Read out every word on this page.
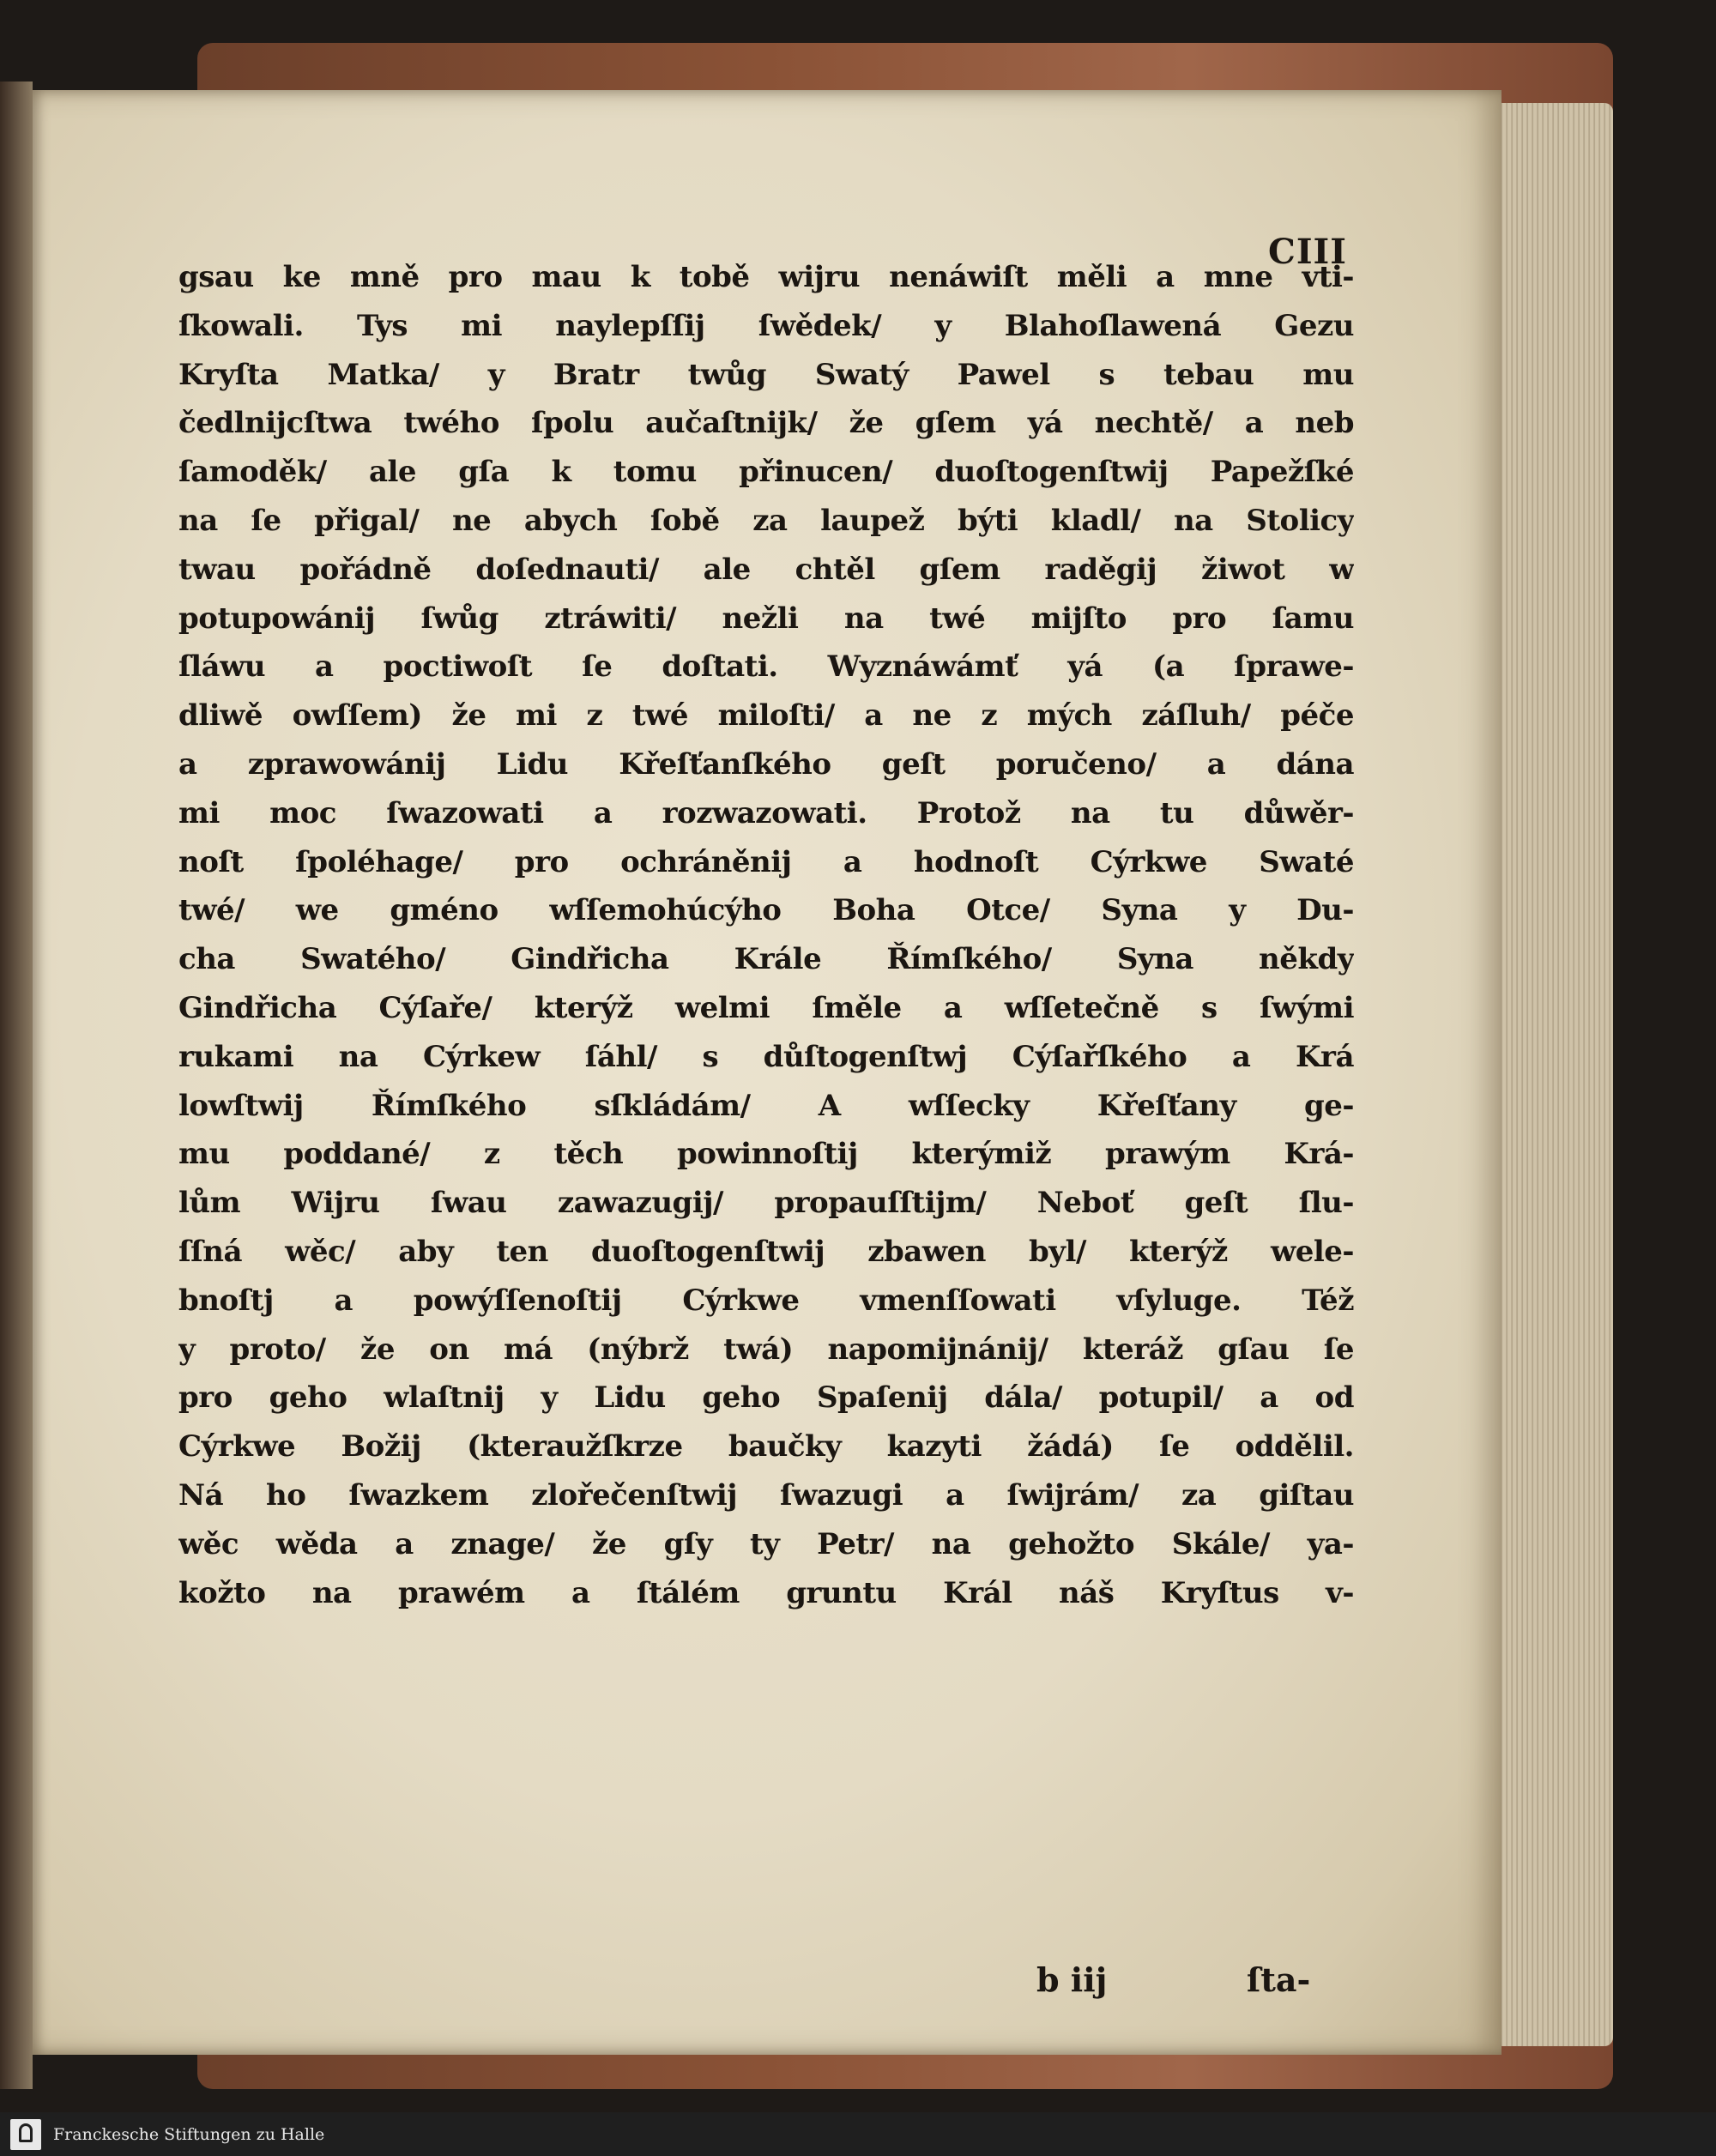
CIII
gsau ke mně pro mau k tobě wijru nenáwiſt měli a mne vti-
ſkowali. Tys mi naylepſſij ſwědek/ y Blahoſlawená Gezu
Kryſta Matka/ y Bratr twůg Swatý Pawel s tebau mu
čedlnijcſtwa twého ſpolu aučaſtnijk/ že gſem yá nechtě/ a neb
ſamoděk/ ale gſa k tomu přinucen/ duoſtogenſtwij Papežſké
na ſe přigal/ ne abych ſobě za laupež býti kladl/ na Stolicy
twau pořádně doſednauti/ ale chtěl gſem raděgij žiwot w
potupowánij ſwůg ztráwiti/ nežli na twé mijſto pro ſamu
ſláwu a poctiwoſt ſe doſtati. Wyznáwámť yá (a ſprawe-
dliwě owſſem) že mi z twé miloſti/ a ne z mých záſluh/ péče
a zprawowánij Lidu Křeſťanſkého geſt poručeno/ a dána
mi moc ſwazowati a rozwazowati. Protož na tu důwěr-
noſt ſpoléhage/ pro ochráněnij a hodnoſt Cýrkwe Swaté
twé/ we gméno wſſemohúcýho Boha Otce/ Syna y Du-
cha Swatého/ Gindřicha Krále Římſkého/ Syna někdy
Gindřicha Cýſaře/ kterýž welmi ſměle a wſſetečně s ſwými
rukami na Cýrkew ſáhl/ s důſtogenſtwj Cýſařſkého a Krá
lowſtwij Římſkého sſkládám/ A wſſecky Křeſťany ge-
mu poddané/ z těch powinnoſtij kterýmiž prawým Krá-
lům Wijru ſwau zawazugij/ propauſſtijm/ Neboť geſt ſlu-
ſſná wěc/ aby ten duoſtogenſtwij zbawen byl/ kterýž wele-
bnoſtj a powýſſenoſtij Cýrkwe vmenſſowati vſyluge. Též
y proto/ že on má (nýbrž twá) napomijnánij/ kteráž gſau ſe
pro geho wlaſtnij y Lidu geho Spaſenij dála/ potupil/ a od
Cýrkwe Božij (kteraužſkrze baučky kazyti žádá) ſe oddělil.
Ná ho ſwazkem zlořečenſtwij ſwazugi a ſwijrám/ za giſtau
wěc wěda a znage/ že gſy ty Petr/ na gehožto Skále/ ya-
kožto na prawém a ſtálém gruntu Král náš Kryſtus v-
b iij	ſta-
Franckesche Stiftungen zu Halle
